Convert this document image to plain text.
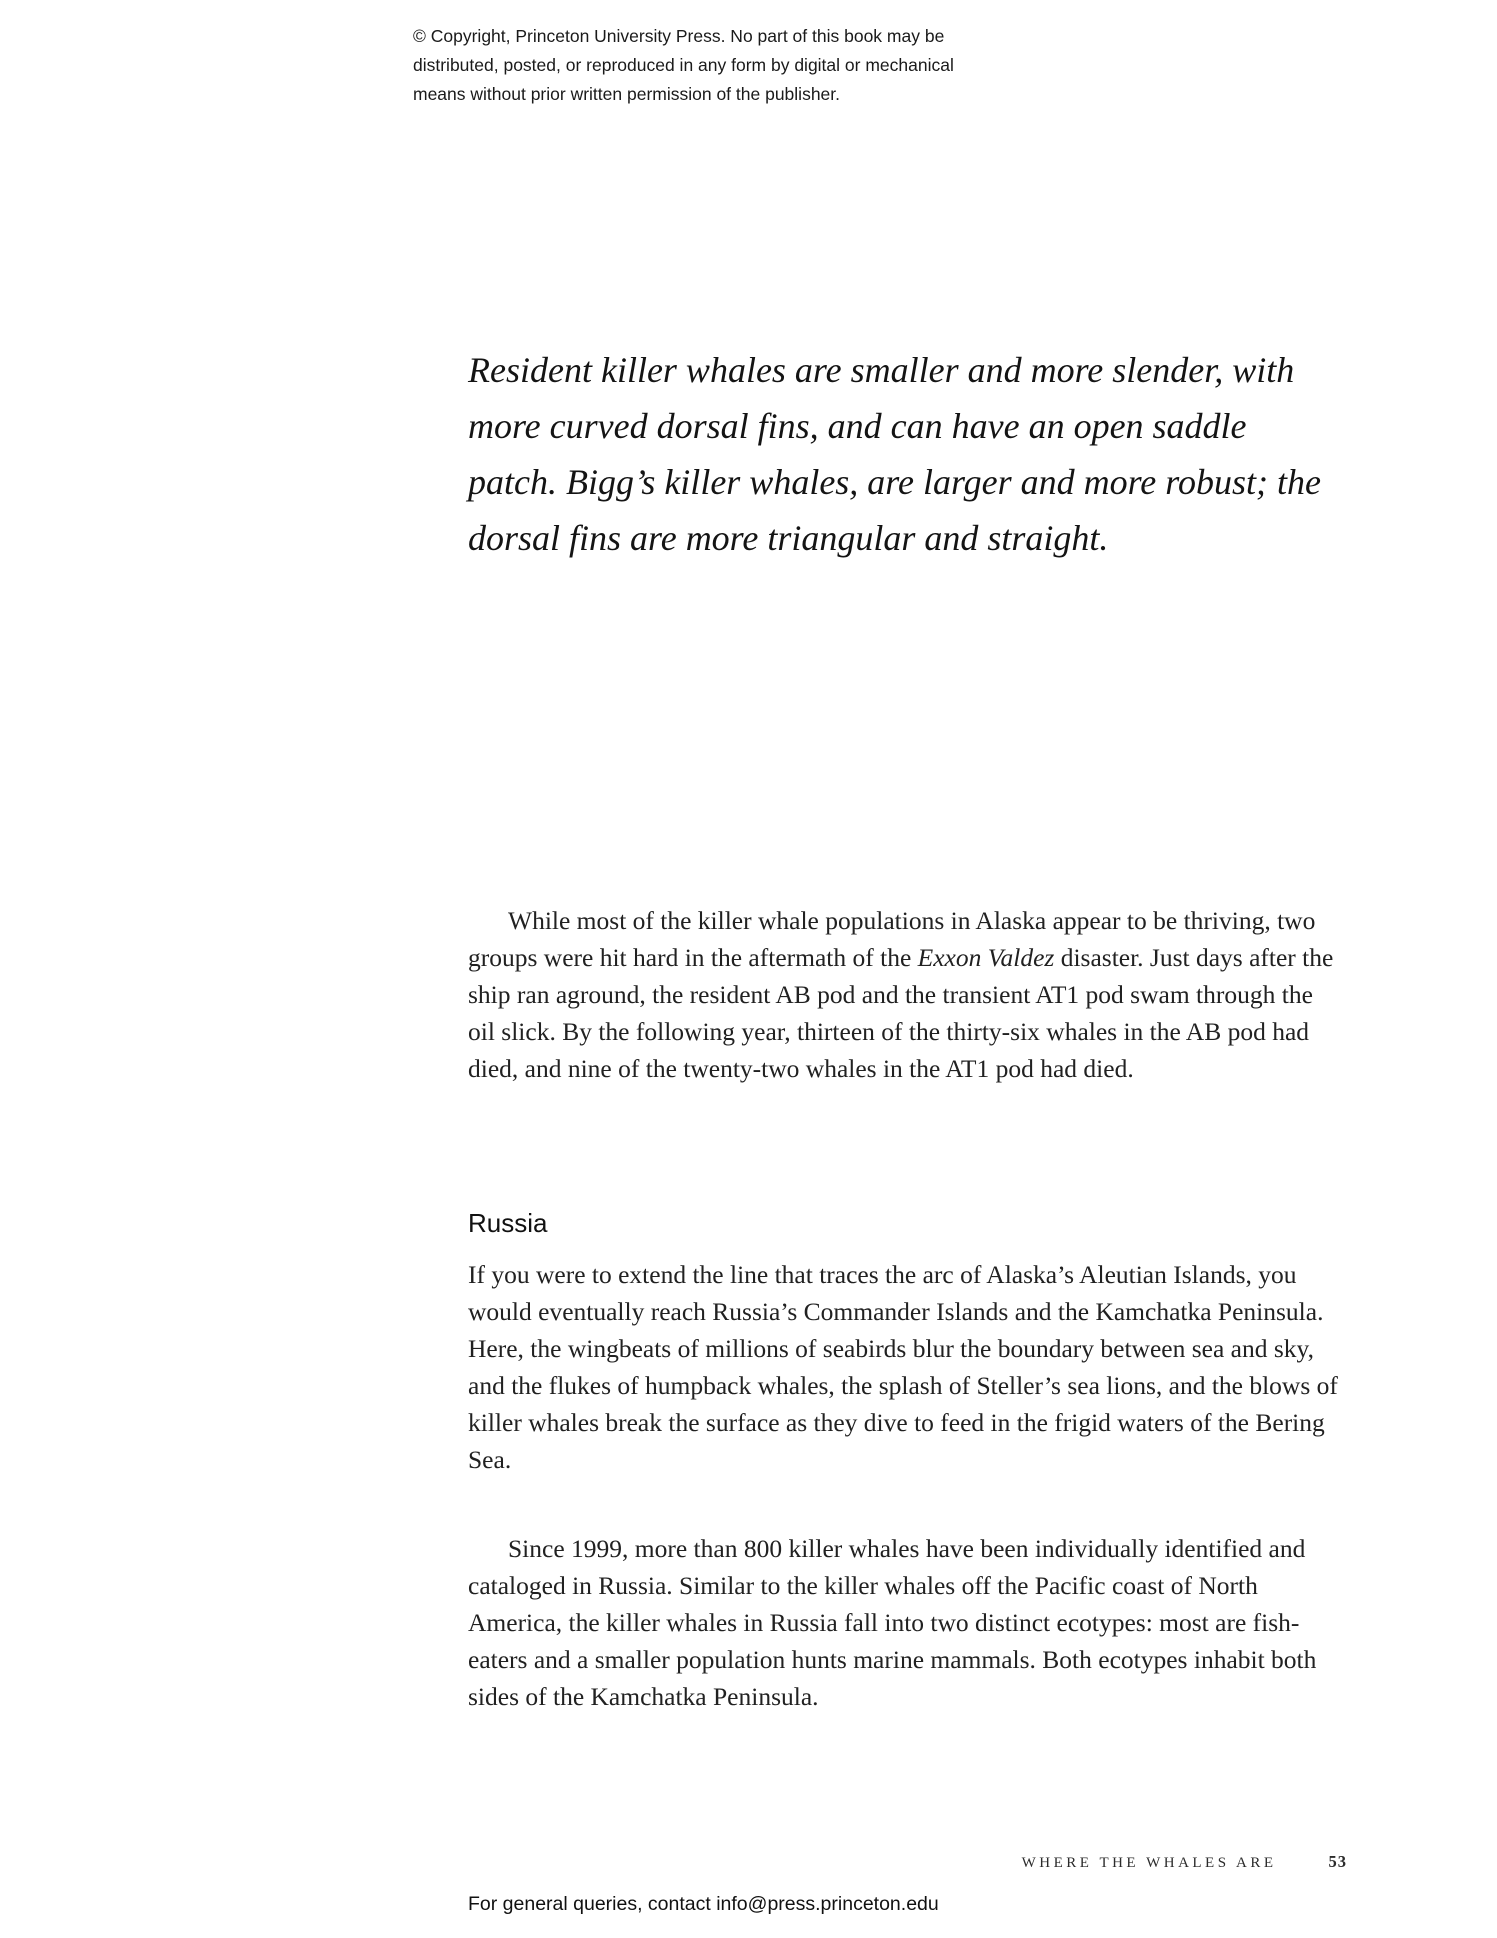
© Copyright, Princeton University Press. No part of this book may be
distributed, posted, or reproduced in any form by digital or mechanical
means without prior written permission of the publisher.
Resident killer whales are smaller and more slender, with
more curved dorsal fins, and can have an open saddle
patch. Bigg’s killer whales, are larger and more robust; the
dorsal fins are more triangular and straight.

While most of the killer whale populations in Alaska appear to be thriving, two groups were hit hard in the aftermath of the Exxon Valdez disaster. Just days after the ship ran aground, the resident AB pod and the transient AT1 pod swam through the oil slick. By the following year, thirteen of the thirty-six whales in the AB pod had died, and nine of the twenty-two whales in the AT1 pod had died.

Russia

If you were to extend the line that traces the arc of Alaska’s Aleutian Islands, you would eventually reach Russia’s Commander Islands and the Kamchatka Peninsula. Here, the wingbeats of millions of seabirds blur the boundary between sea and sky, and the flukes of humpback whales, the splash of Steller’s sea lions, and the blows of killer whales break the surface as they dive to feed in the frigid waters of the Bering Sea.

Since 1999, more than 800 killer whales have been individually identified and cataloged in Russia. Similar to the killer whales off the Pacific coast of North America, the killer whales in Russia fall into two distinct ecotypes: most are fish-eaters and a smaller population hunts marine mammals. Both ecotypes inhabit both sides of the Kamchatka Peninsula.

WHERE THE WHALES ARE	53
For general queries, contact info@press.princeton.edu
